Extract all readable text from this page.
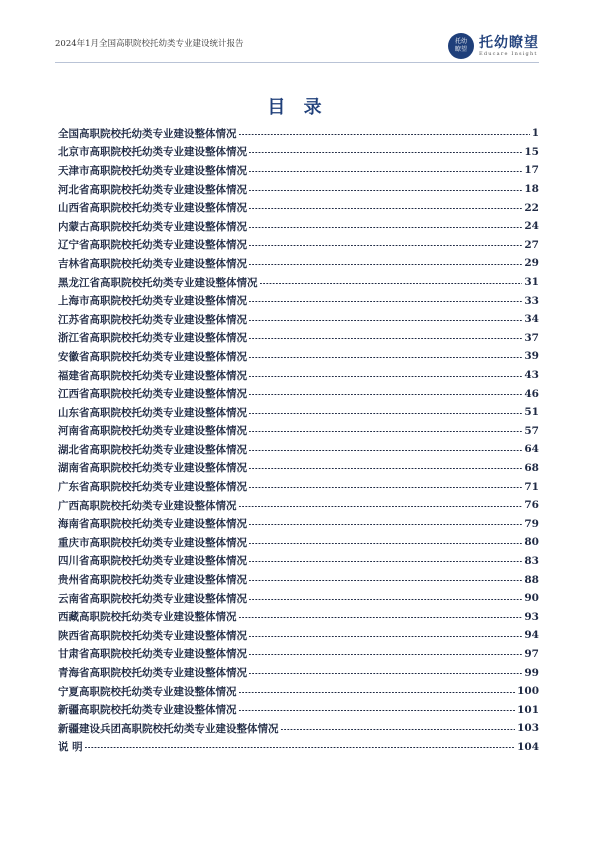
2024年1月全国高职院校托幼类专业建设统计报告	托幼
瞭望 托幼瞭望
Educare Insight
目 录
全国高职院校托幼类专业建设整体情况	1
北京市高职院校托幼类专业建设整体情况	15
天津市高职院校托幼类专业建设整体情况	17
河北省高职院校托幼类专业建设整体情况	18
山西省高职院校托幼类专业建设整体情况	22
内蒙古高职院校托幼类专业建设整体情况	24
辽宁省高职院校托幼类专业建设整体情况	27
吉林省高职院校托幼类专业建设整体情况	29
黑龙江省高职院校托幼类专业建设整体情况	31
上海市高职院校托幼类专业建设整体情况	33
江苏省高职院校托幼类专业建设整体情况	34
浙江省高职院校托幼类专业建设整体情况	37
安徽省高职院校托幼类专业建设整体情况	39
福建省高职院校托幼类专业建设整体情况	43
江西省高职院校托幼类专业建设整体情况	46
山东省高职院校托幼类专业建设整体情况	51
河南省高职院校托幼类专业建设整体情况	57
湖北省高职院校托幼类专业建设整体情况	64
湖南省高职院校托幼类专业建设整体情况	68
广东省高职院校托幼类专业建设整体情况	71
广西高职院校托幼类专业建设整体情况	76
海南省高职院校托幼类专业建设整体情况	79
重庆市高职院校托幼类专业建设整体情况	80
四川省高职院校托幼类专业建设整体情况	83
贵州省高职院校托幼类专业建设整体情况	88
云南省高职院校托幼类专业建设整体情况	90
西藏高职院校托幼类专业建设整体情况	93
陕西省高职院校托幼类专业建设整体情况	94
甘肃省高职院校托幼类专业建设整体情况	97
青海省高职院校托幼类专业建设整体情况	99
宁夏高职院校托幼类专业建设整体情况	100
新疆高职院校托幼类专业建设整体情况	101
新疆建设兵团高职院校托幼类专业建设整体情况	103
说 明	104
